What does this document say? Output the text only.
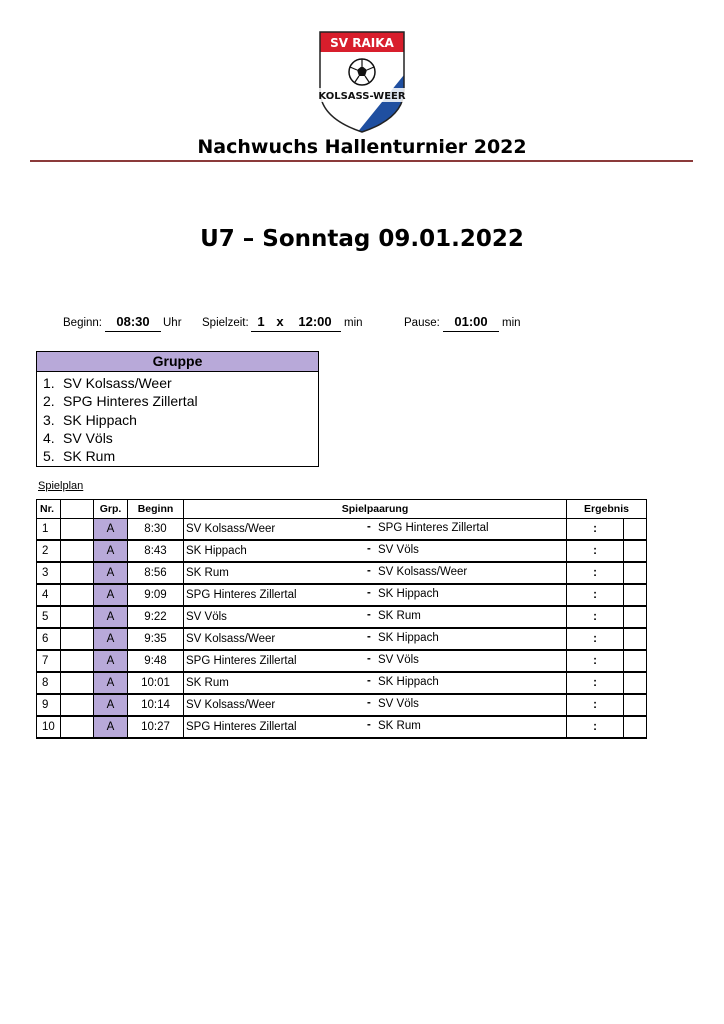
SV RAIKA
KOLSASS-WEER
Nachwuchs Hallenturnier 2022
U7 – Sonntag 09.01.2022
Beginn:	08:30	Uhr Spielzeit: 1 x	12:00	min	Pause:	01:00	min
Gruppe
1. SV Kolsass/Weer
2. SPG Hinteres Zillertal
3. SK Hippach
4. SV Völs
5. SK Rum
Spielplan
Nr.		Grp.	Beginn	Spielpaarung	Ergebnis	
1		A	8:30	SV Kolsass/Weer - SPG Hinteres Zillertal	:	
2		A	8:43	SK Hippach - SV Völs	:	
3		A	8:56	SK Rum - SV Kolsass/Weer	:	
4		A	9:09	SPG Hinteres Zillertal - SK Hippach	:	
5		A	9:22	SV Völs - SK Rum	:	
6		A	9:35	SV Kolsass/Weer - SK Hippach	:	
7		A	9:48	SPG Hinteres Zillertal - SV Völs	:	
8		A	10:01	SK Rum - SK Hippach	:	
9		A	10:14	SV Kolsass/Weer - SV Völs	:	
10		A	10:27	SPG Hinteres Zillertal - SK Rum	:	
